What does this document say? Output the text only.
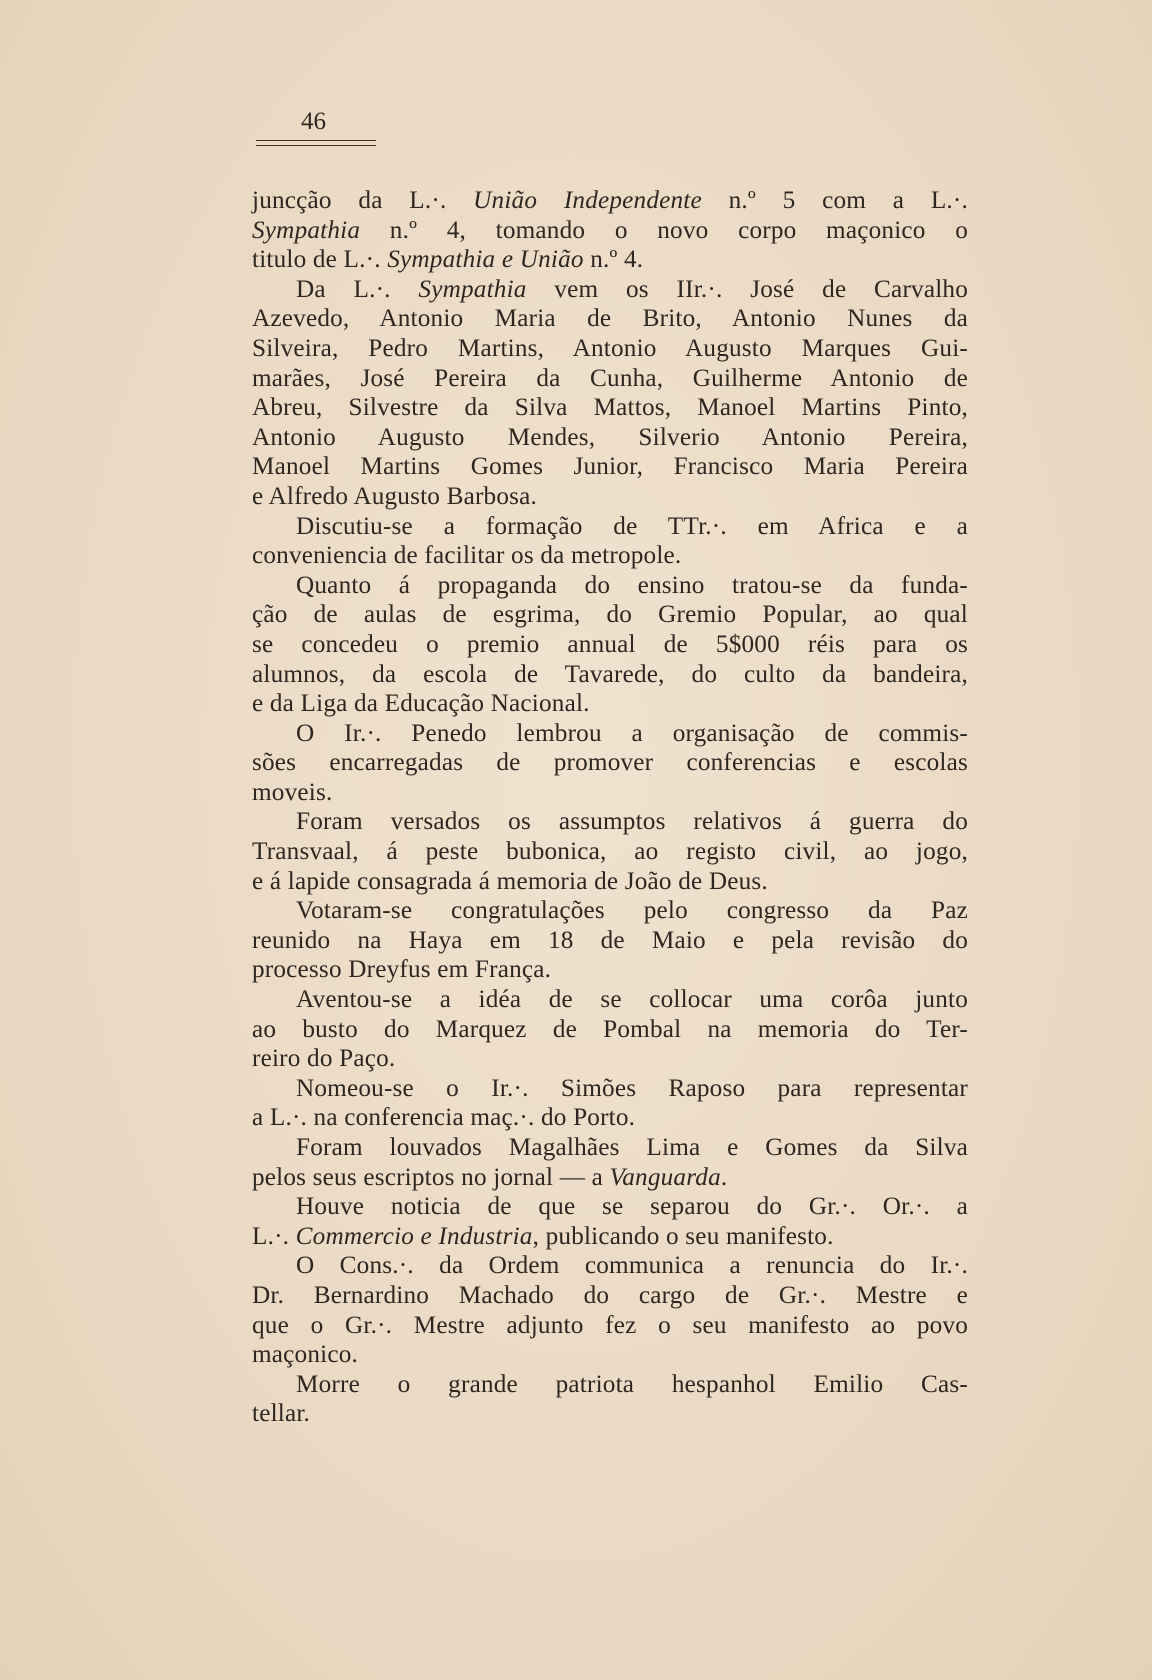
46
juncção da L.·. União Independente n.º 5 com a L.·.
Sympathia n.º 4, tomando o novo corpo maçonico o
titulo de L.·. Sympathia e União n.º 4.
Da L.·. Sympathia vem os IIr.·. José de Carvalho
Azevedo, Antonio Maria de Brito, Antonio Nunes da
Silveira, Pedro Martins, Antonio Augusto Marques Gui-
marães, José Pereira da Cunha, Guilherme Antonio de
Abreu, Silvestre da Silva Mattos, Manoel Martins Pinto,
Antonio Augusto Mendes, Silverio Antonio Pereira,
Manoel Martins Gomes Junior, Francisco Maria Pereira
e Alfredo Augusto Barbosa.
Discutiu-se a formação de TTr.·. em Africa e a
conveniencia de facilitar os da metropole.
Quanto á propaganda do ensino tratou-se da funda-
ção de aulas de esgrima, do Gremio Popular, ao qual
se concedeu o premio annual de 5$000 réis para os
alumnos, da escola de Tavarede, do culto da bandeira,
e da Liga da Educação Nacional.
O Ir.·. Penedo lembrou a organisação de commis-
sões encarregadas de promover conferencias e escolas
moveis.
Foram versados os assumptos relativos á guerra do
Transvaal, á peste bubonica, ao registo civil, ao jogo,
e á lapide consagrada á memoria de João de Deus.
Votaram-se congratulações pelo congresso da Paz
reunido na Haya em 18 de Maio e pela revisão do
processo Dreyfus em França.
Aventou-se a idéa de se collocar uma corôa junto
ao busto do Marquez de Pombal na memoria do Ter-
reiro do Paço.
Nomeou-se o Ir.·. Simões Raposo para representar
a L.·. na conferencia maç.·. do Porto.
Foram louvados Magalhães Lima e Gomes da Silva
pelos seus escriptos no jornal — a Vanguarda.
Houve noticia de que se separou do Gr.·. Or.·. a
L.·. Commercio e Industria, publicando o seu manifesto.
O Cons.·. da Ordem communica a renuncia do Ir.·.
Dr. Bernardino Machado do cargo de Gr.·. Mestre e
que o Gr.·. Mestre adjunto fez o seu manifesto ao povo
maçonico.
Morre o grande patriota hespanhol Emilio Cas-
tellar.
